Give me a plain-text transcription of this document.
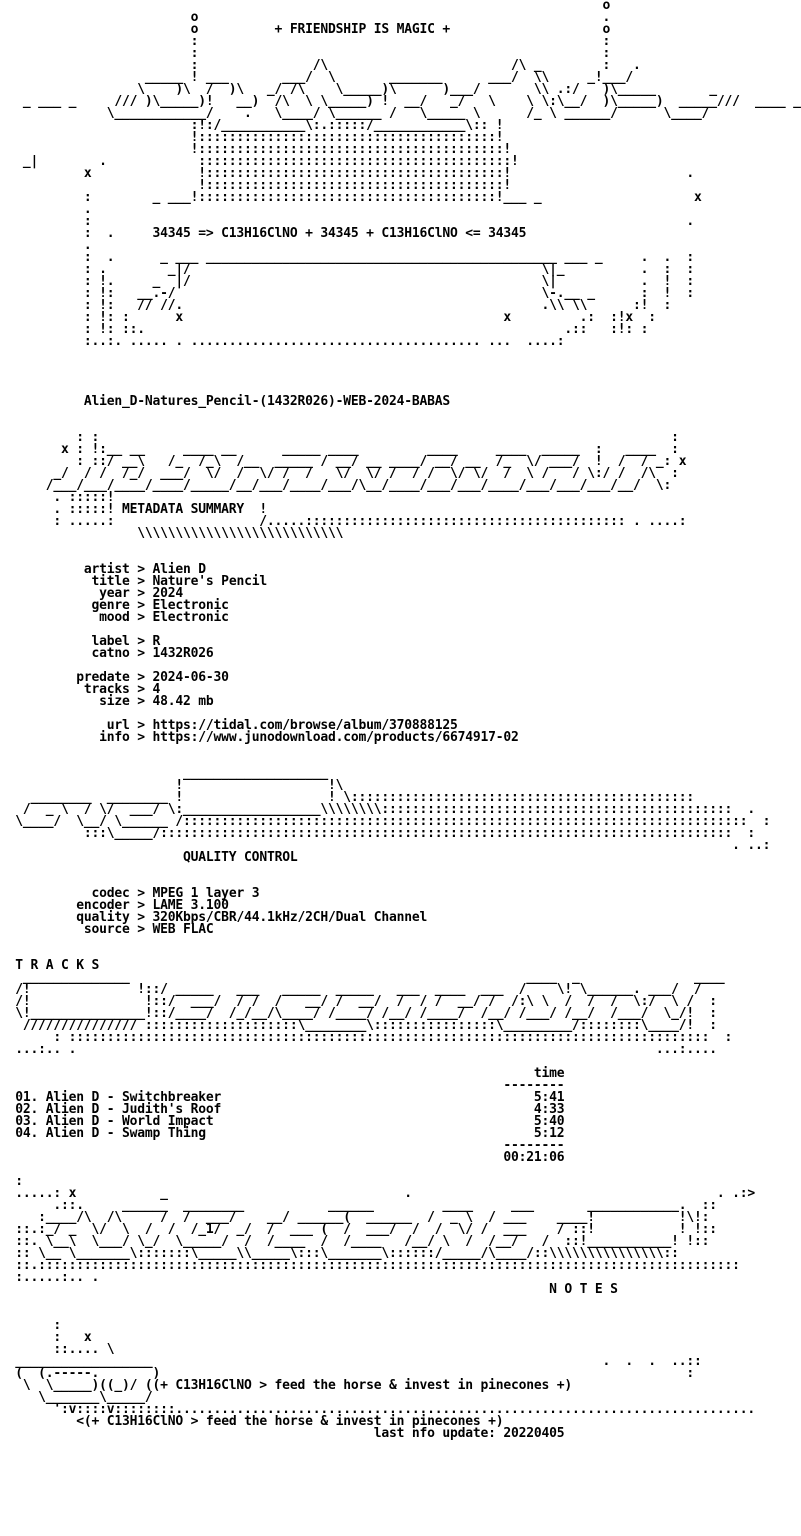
o
o                                                     .
o          + FRIENDSHIP IS MAGIC +                    o
:                                                     :
:                                                     :
:               /\                        /\ _        :   .
_____ ! ___       ___/  \       _______      ___/  \\     _!___/
\    )\  /  )\   _/ /\    \_____)\      )___/       \\ .:/   )\_____       _
_ ___ _     /// )\_____)!   __)  /\  \ \_____) !  __/   _/   \    \ \:\__/  )\_____)  _____///  ____ _
\____________/    .   \____/ \______ /   \_____ \      /_ \ ______/      \____/
:!:/___________\:.:::::/____________\:: !
!:::::::::::::::::::::::::::::::::::::::!
!::::::::::::::::::::::::::::::::::::::::!
_|        .            :::::::::::::::::::::::::::::::::::::::::!
x              !:::::::::::::::::::::::::::::::::::::::!                       .
!:::::::::::::::::::::::::::::::::::::::!
:        _ ___!:::::::::::::::::::::::::::::::::::::::!___ _                    x
.
:                                                                              .
:  .     34345 => C13H16ClNO + 34345 + C13H16ClNO <= 34345
.
:  .      _ ___ ______________________________________________ ___ _     .  .  :
: .        _|/                                              \|_          .  :  :
: !.     _  |/                                              \|           .  !  :
: !:   __.-/                                                \-.__ _      :  !  :
: !:   // //.                                               .\\ \\      :!  :
: !: :      x                                          x         .:  :!x  :
: !: ::.                                                       .::   :!: :
:..:. ..... . ...................................... ...  ....:
Alien_D-Natures_Pencil-(1432R026)-WEB-2024-BABAS
: :                                                                           :
x : !:__ __     ____ __      _____ ____         ____     ____  _____  :   ____  :
: ::/ __\   /_  /_\  /__  _____ / __/ __ ____/ __/ __  /_  \/ ___/  !  /  / _: x
_/  / /  /_/  ___/  \/  /  \/ /  /   \/  \/ /  / /  \/ \/  /  \ /   / \:/ /  /\  :
/___/___/____/____/_____/__/___/____/___/\__/____/___/___/____/___/___/___/__/  \:
. :::::!
. :::::! METADATA SUMMARY  !
: .....:                   /.....:::::::::::::::::::::::::::::::::::::::::: . ....:
\\\\\\\\\\\\\\\\\\\\\\\\\\\
artist > Alien D
title > Nature's Pencil
year > 2024
genre > Electronic
mood > Electronic

label > R
catno > 1432R026

predate > 2024-06-30
tracks > 4
size > 48.42 mb

url > https://tidal.com/browse/album/370888125
info > https://www.junodownload.com/products/6674917-02
___________________
!                   !\
________  ________ !                   ! \:::::::::::::::::::::::::::::::::::::::::::::
/  _ \  / \/  ___/ \:__________________\\\\\\\\::::::::::::::::::::::::::::::::::::::::::::::  .
\____/  \__/ \______ /::::::::::::::::::::::::::::::::::::::::::::::::::::::::::::::::::::::::::  :
:::\_____/:::::::::::::::::::::::::::::::::::::::::::::::::::::::::::::::::::::::::::  :
. ..:
QUALITY CONTROL
codec > MPEG 1 layer 3
encoder > LAME 3.100
quality > 320Kbps/CBR/44.1kHz/2CH/Dual Channel
source > WEB FLAC
T R A C K S
______________                                                    ____  _               ____
/!              !::/ _____   ___   _____  _____   ___  ____  ___  /    \! \______. ___/  /
/!               !::/  ___/  / /  /   __/ /  __/  /  / /  __/ /  /:\ \  /  /  /  \:/  \ /  :
\!_______________!::/____/  /_/__/\____/ /____/ /__/ /____/  /__/ /___/ /__/  /___/  \_/!  :
/////////////// ::::::::::::::::::::\________\::::::::::::::::\_________/::::::::\____/!  :
: ::::::::::::::::::::::::::::::::::::::::::::::::::::::::::::::::::::::::::::::::::::  :
...:.. .                                                                            ...:....
time
--------
01. Alien D - Switchbreaker                                         5:41
02. Alien D - Judith's Roof                                         4:33
03. Alien D - World Impact                                          5:40
04. Alien D - Swamp Thing                                           5:12
--------
00:21:06
:
.....: x           _                               .                                        . .:>
.::.     ______  ________           ______         ____     ___       ____________.  ::
:____/\  /\     /  /  ___/    __/ ______(  ______  /  _ \  / ___    ____!           !\!:
::.:_/ _  \/  \  /  /  /_1/  _/  /  ___ (  /  ___/  /  /  \/ /  ___    / ::!           ! !::
::. \__\  \___/ \_/  \_____/  /  /____  /  /____   /__/ \  /  /__/   /  ::!___________! !::
:: \__ \_______\:::::::\_____\\_____\:::\_______\::::::/_____/\____/::\\\\\\\\\\\\\\\::
::.::::::::::::::::::::::::::::::::::::::::::::::::::::::::::::::::::::::::::::::::::::::::::::
:.....:.. .
N O T E S
:
:   x
::.... \
__________________                                                           .  .  .  ..::
(  (.-----.       )                                                                     :
\  \_____)((_)/ ((+ C13H16ClNO > feed the horse & invest in pinecones +)
\_______\_____/
':v::::v::::::::............................................................................
<(+ C13H16ClNO > feed the horse & invest in pinecones +)
last nfo update: 20220405
